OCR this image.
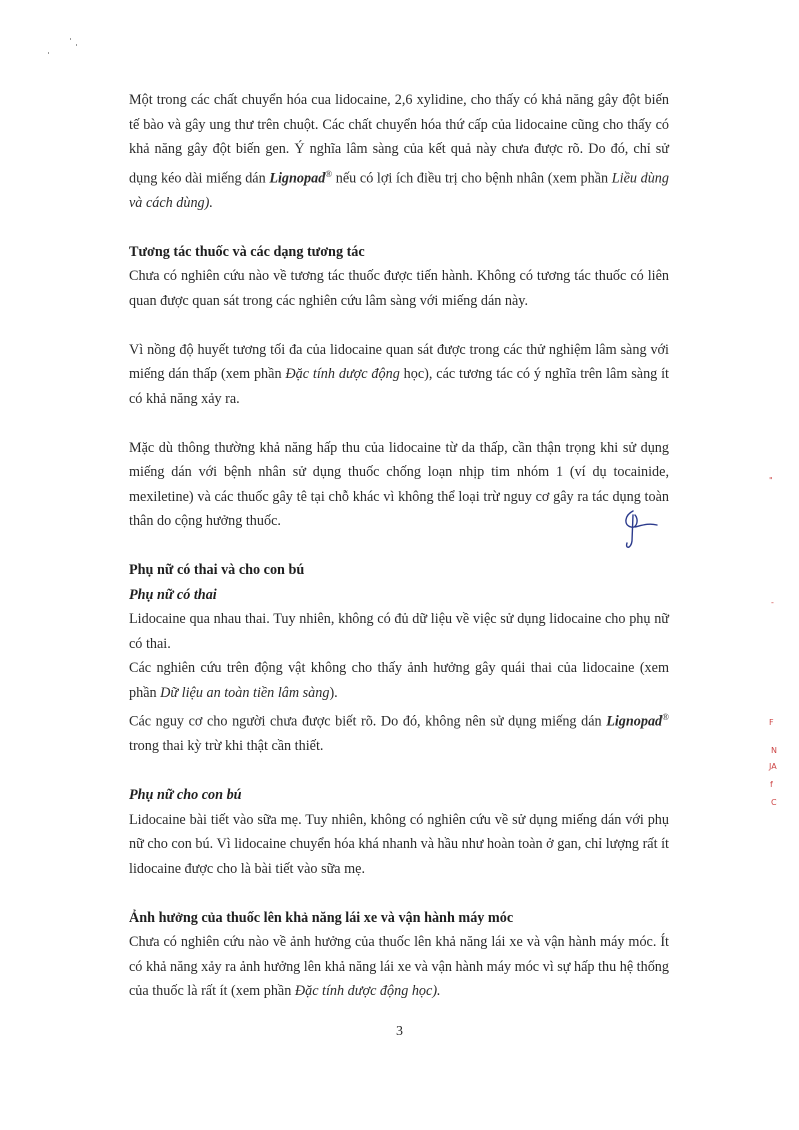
Một trong các chất chuyển hóa cua lidocaine, 2,6 xylidine, cho thấy có khả năng gây đột biến tế bào và gây ung thư trên chuột. Các chất chuyển hóa thứ cấp của lidocaine cũng cho thấy có khả năng gây đột biến gen. Ý nghĩa lâm sàng của kết quả này chưa được rõ. Do đó, chỉ sử dụng kéo dài miếng dán Lignopad® nếu có lợi ích điều trị cho bệnh nhân (xem phần Liều dùng và cách dùng).

Tương tác thuốc và các dạng tương tác

Chưa có nghiên cứu nào về tương tác thuốc được tiến hành. Không có tương tác thuốc có liên quan được quan sát trong các nghiên cứu lâm sàng với miếng dán này.

Vì nồng độ huyết tương tối đa của lidocaine quan sát được trong các thử nghiệm lâm sàng với miếng dán thấp (xem phần Đặc tính dược động học), các tương tác có ý nghĩa trên lâm sàng ít có khả năng xảy ra.

Mặc dù thông thường khả năng hấp thu của lidocaine từ da thấp, cần thận trọng khi sử dụng miếng dán với bệnh nhân sử dụng thuốc chống loạn nhịp tim nhóm 1 (ví dụ tocainide, mexiletine) và các thuốc gây tê tại chỗ khác vì không thể loại trừ nguy cơ gây ra tác dụng toàn thân do cộng hưởng thuốc.

Phụ nữ có thai và cho con bú

Phụ nữ có thai

Lidocaine qua nhau thai. Tuy nhiên, không có đủ dữ liệu về việc sử dụng lidocaine cho phụ nữ có thai.

Các nghiên cứu trên động vật không cho thấy ảnh hưởng gây quái thai của lidocaine (xem phần Dữ liệu an toàn tiền lâm sàng).

Các nguy cơ cho người chưa được biết rõ. Do đó, không nên sử dụng miếng dán Lignopad® trong thai kỳ trừ khi thật cần thiết.

Phụ nữ cho con bú

Lidocaine bài tiết vào sữa mẹ. Tuy nhiên, không có nghiên cứu về sử dụng miếng dán với phụ nữ cho con bú. Vì lidocaine chuyển hóa khá nhanh và hầu như hoàn toàn ở gan, chỉ lượng rất ít lidocaine được cho là bài tiết vào sữa mẹ.

Ảnh hưởng của thuốc lên khả năng lái xe và vận hành máy móc

Chưa có nghiên cứu nào về ảnh hưởng của thuốc lên khả năng lái xe và vận hành máy móc. Ít có khả năng xảy ra ảnh hưởng lên khả năng lái xe và vận hành máy móc vì sự hấp thu hệ thống của thuốc là rất ít (xem phần Đặc tính dược động học).

"
-
F
N
JA
f
C
3
